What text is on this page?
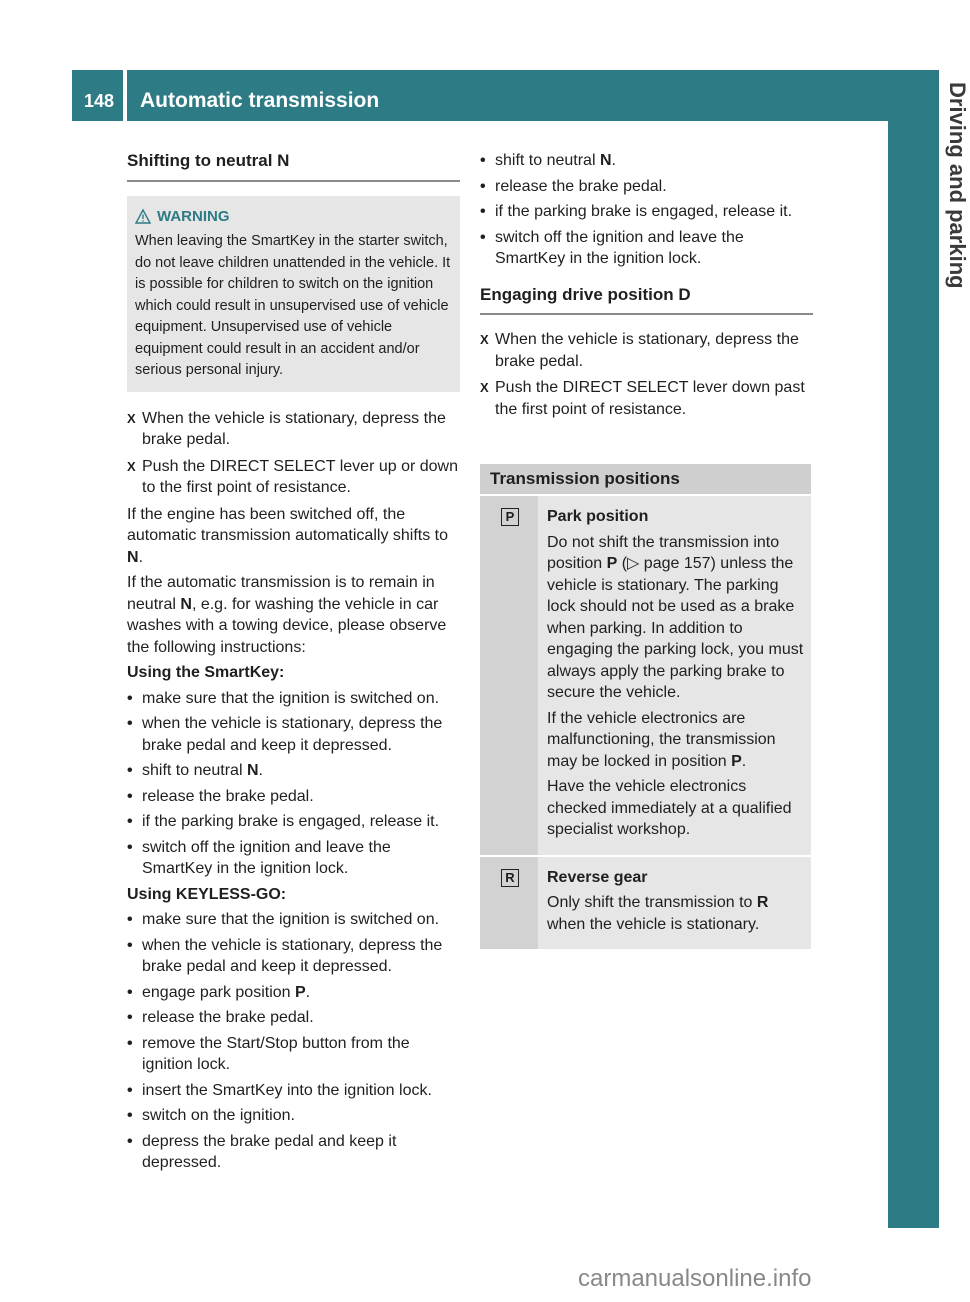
148 Automatic transmission	Driving and parking
Shifting to neutral N
WARNING
When leaving the SmartKey in the starter switch, do not leave children unattended in the vehicle. It is possible for children to switch on the ignition which could result in unsupervised use of vehicle equipment. Unsupervised use of vehicle equipment could result in an accident and/or serious personal injury.
X When the vehicle is stationary, depress the brake pedal.
X Push the DIRECT SELECT lever up or down to the first point of resistance.
If the engine has been switched off, the automatic transmission automatically shifts to N.
If the automatic transmission is to remain in neutral N, e.g. for washing the vehicle in car washes with a towing device, please observe the following instructions:
Using the SmartKey:
• make sure that the ignition is switched on.
• when the vehicle is stationary, depress the brake pedal and keep it depressed.
• shift to neutral N.
• release the brake pedal.
• if the parking brake is engaged, release it.
• switch off the ignition and leave the SmartKey in the ignition lock.
Using KEYLESS-GO:
• make sure that the ignition is switched on.
• when the vehicle is stationary, depress the brake pedal and keep it depressed.
• engage park position P.
• release the brake pedal.
• remove the Start/Stop button from the ignition lock.
• insert the SmartKey into the ignition lock.
• switch on the ignition.
• depress the brake pedal and keep it depressed.
• shift to neutral N.
• release the brake pedal.
• if the parking brake is engaged, release it.
• switch off the ignition and leave the SmartKey in the ignition lock.
Engaging drive position D
X When the vehicle is stationary, depress the brake pedal.
X Push the DIRECT SELECT lever down past the first point of resistance.
Transmission positions
P Park position
Do not shift the transmission into position P (▷ page 157) unless the vehicle is stationary. The parking lock should not be used as a brake when parking. In addition to engaging the parking lock, you must always apply the parking brake to secure the vehicle.
If the vehicle electronics are malfunctioning, the transmission may be locked in position P.
Have the vehicle electronics checked immediately at a qualified specialist workshop.
R Reverse gear
Only shift the transmission to R when the vehicle is stationary.
carmanualsonline.info
